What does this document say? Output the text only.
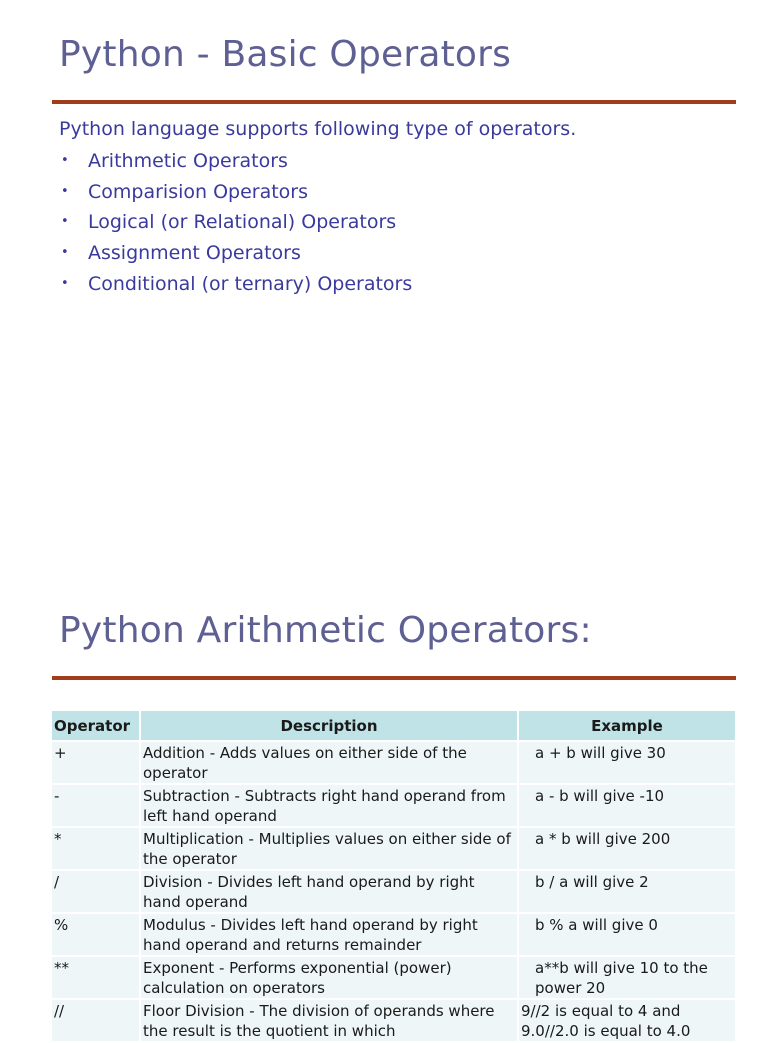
Python - Basic Operators

Python language supports following type of operators.

• Arithmetic Operators
• Comparision Operators
• Logical (or Relational) Operators
• Assignment Operators
• Conditional (or ternary) Operators
Python Arithmetic Operators:
Operator	Description	Example
+	Addition - Adds values on either side of the operator	a + b will give 30
-	Subtraction - Subtracts right hand operand from left hand operand	a - b will give -10
*	Multiplication - Multiplies values on either side of the operator	a * b will give 200
/	Division - Divides left hand operand by right hand operand	b / a will give 2
%	Modulus - Divides left hand operand by right hand operand and returns remainder	b % a will give 0
**	Exponent - Performs exponential (power) calculation on operators	a**b will give 10 to the power 20
//	Floor Division - The division of operands where the result is the quotient in which	9//2 is equal to 4 and 9.0//2.0 is equal to 4.0
